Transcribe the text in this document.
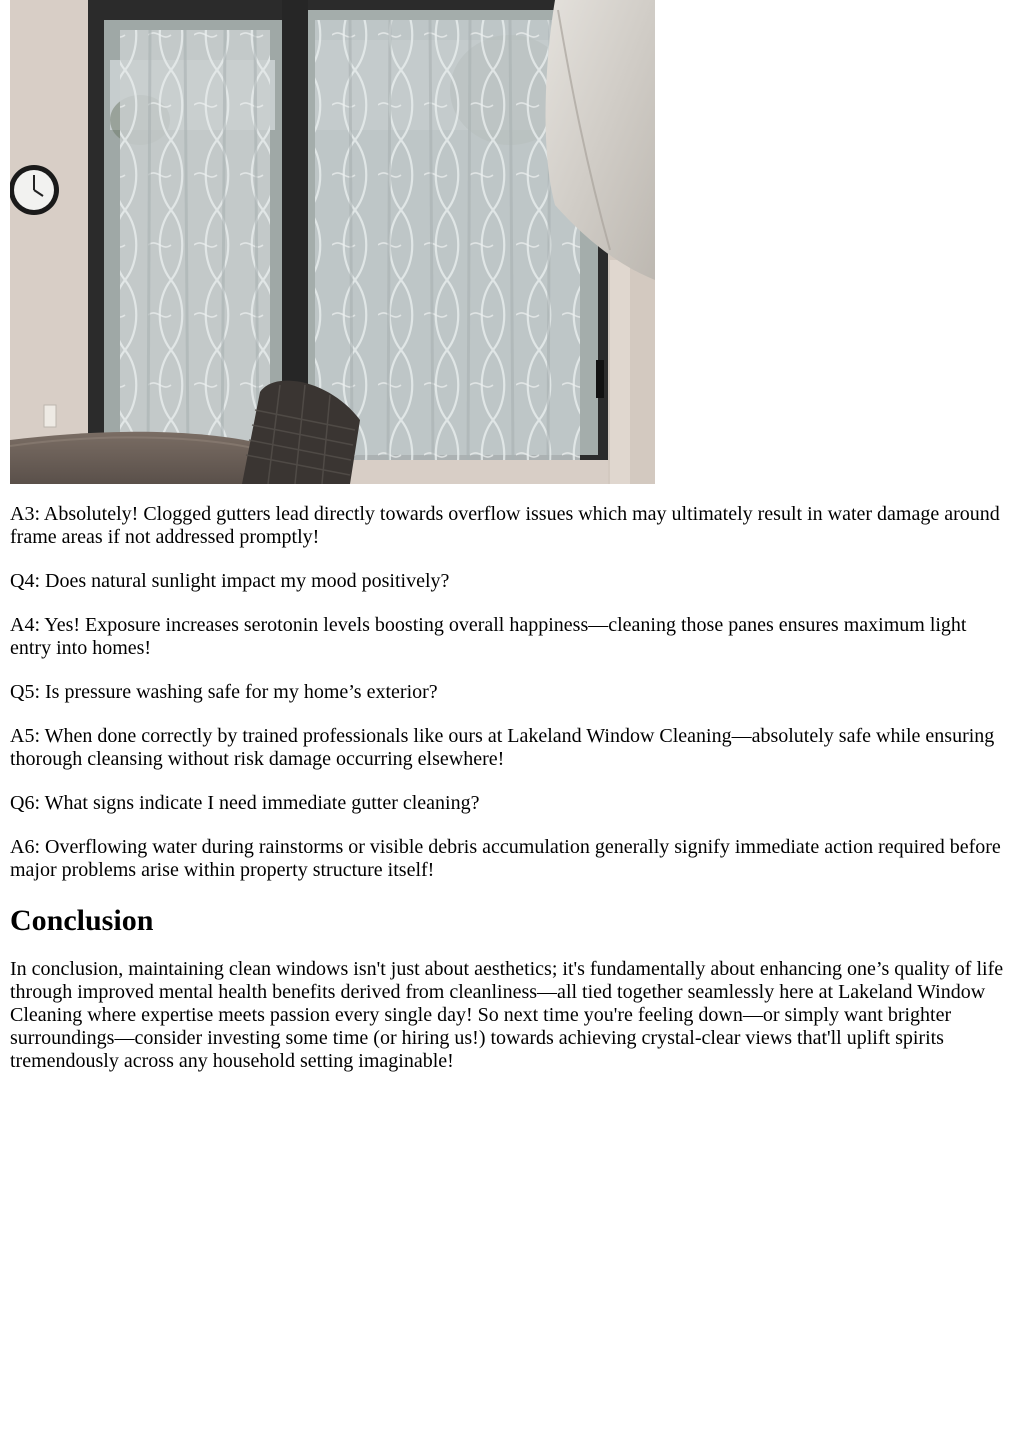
A3: Absolutely! Clogged gutters lead directly towards overflow issues which may ultimately result in water damage around frame areas if not addressed promptly!

Q4: Does natural sunlight impact my mood positively?

A4: Yes! Exposure increases serotonin levels boosting overall happiness—cleaning those panes ensures maximum light entry into homes!

Q5: Is pressure washing safe for my home’s exterior?

A5: When done correctly by trained professionals like ours at Lakeland Window Cleaning—absolutely safe while ensuring thorough cleansing without risk damage occurring elsewhere!

Q6: What signs indicate I need immediate gutter cleaning?

A6: Overflowing water during rainstorms or visible debris accumulation generally signify immediate action required before major problems arise within property structure itself!

Conclusion

In conclusion, maintaining clean windows isn't just about aesthetics; it's fundamentally about enhancing one’s quality of life through improved mental health benefits derived from cleanliness—all tied together seamlessly here at Lakeland Window Cleaning where expertise meets passion every single day! So next time you're feeling down—or simply want brighter surroundings—consider investing some time (or hiring us!) towards achieving crystal-clear views that'll uplift spirits tremendously across any household setting imaginable!
